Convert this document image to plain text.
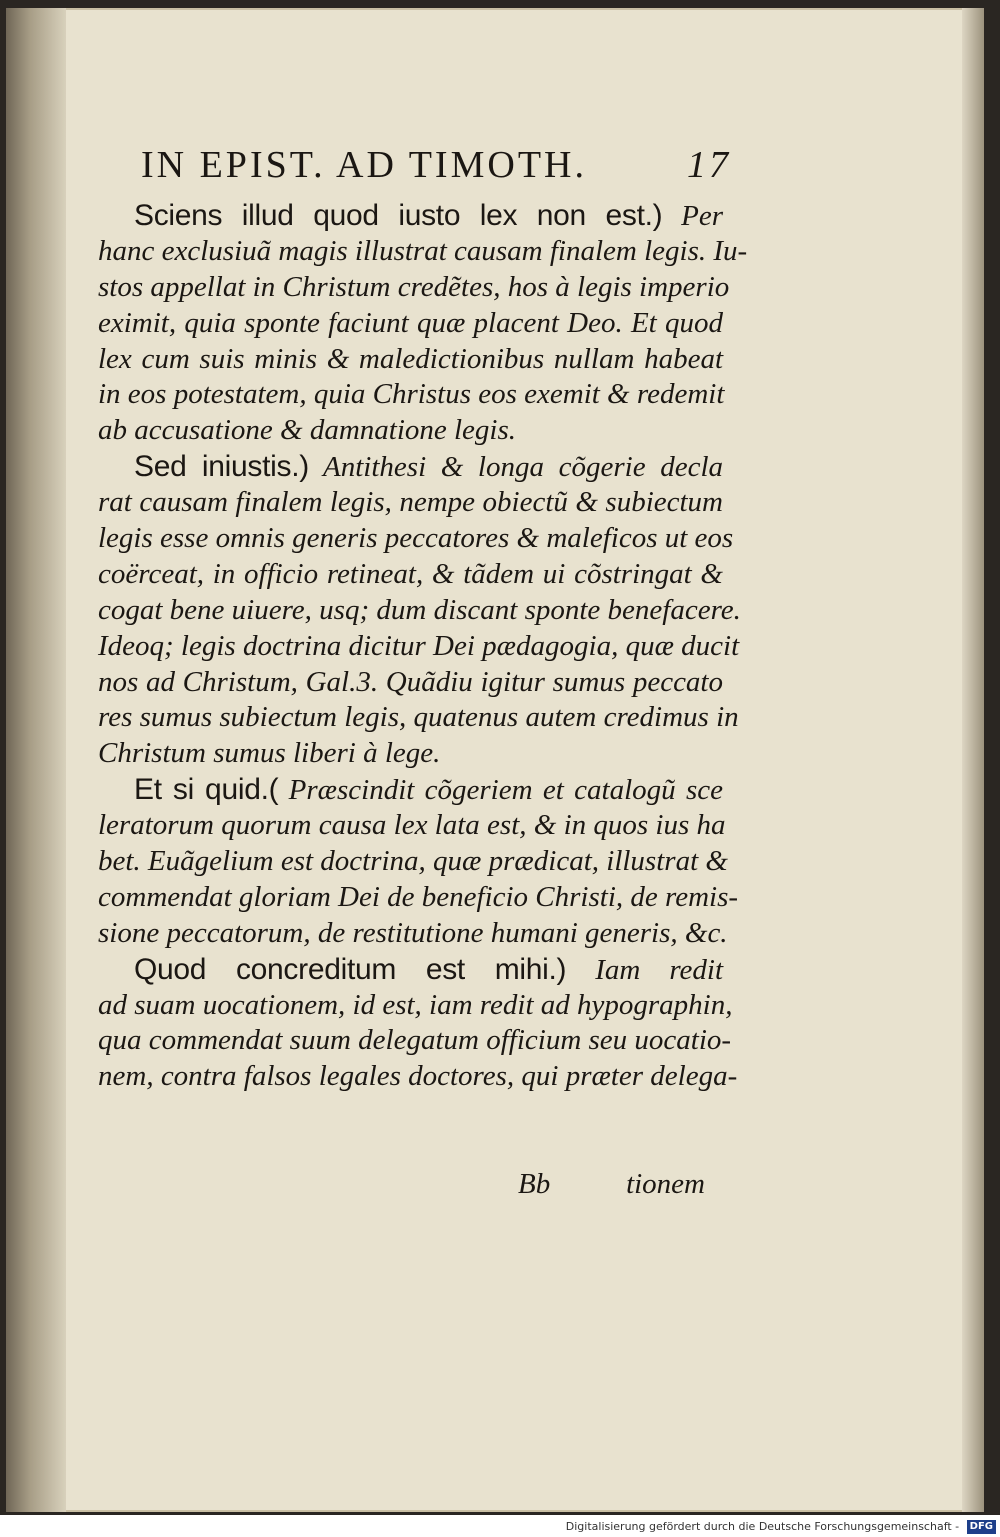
IN EPIST. AD TIMOTH.	17
Sciens illud quod iusto lex non est.) Per
hanc exclusiuã magis illustrat causam finalem legis. Iu-
stos appellat in Christum credẽtes, hos à legis imperio
eximit, quia sponte faciunt quæ placent Deo. Et quod
lex cum suis minis & maledictionibus nullam habeat
in eos potestatem, quia Christus eos exemit & redemit
ab accusatione & damnatione legis.
Sed iniustis.) Antithesi & longa cõgerie decla
rat causam finalem legis, nempe obiectũ & subiectum
legis esse omnis generis peccatores & maleficos ut eos
coërceat, in officio retineat, & tãdem ui cõstringat &
cogat bene uiuere, usq; dum discant sponte benefacere.
Ideoq; legis doctrina dicitur Dei pædagogia, quæ ducit
nos ad Christum, Gal.3. Quãdiu igitur sumus peccato
res sumus subiectum legis, quatenus autem credimus in
Christum sumus liberi à lege.
Et si quid.( Præscindit cõgeriem et catalogũ sce
leratorum quorum causa lex lata est, & in quos ius ha
bet. Euãgelium est doctrina, quæ prædicat, illustrat &
commendat gloriam Dei de beneficio Christi, de remis-
sione peccatorum, de restitutione humani generis, &c.
Quod concreditum est mihi.) Iam redit
ad suam uocationem, id est, iam redit ad hypographin,
qua commendat suum delegatum officium seu uocatio-
nem, contra falsos legales doctores, qui præter delega-
Bb	tionem
Digitalisierung gefördert durch die Deutsche Forschungsgemeinschaft - DFG
